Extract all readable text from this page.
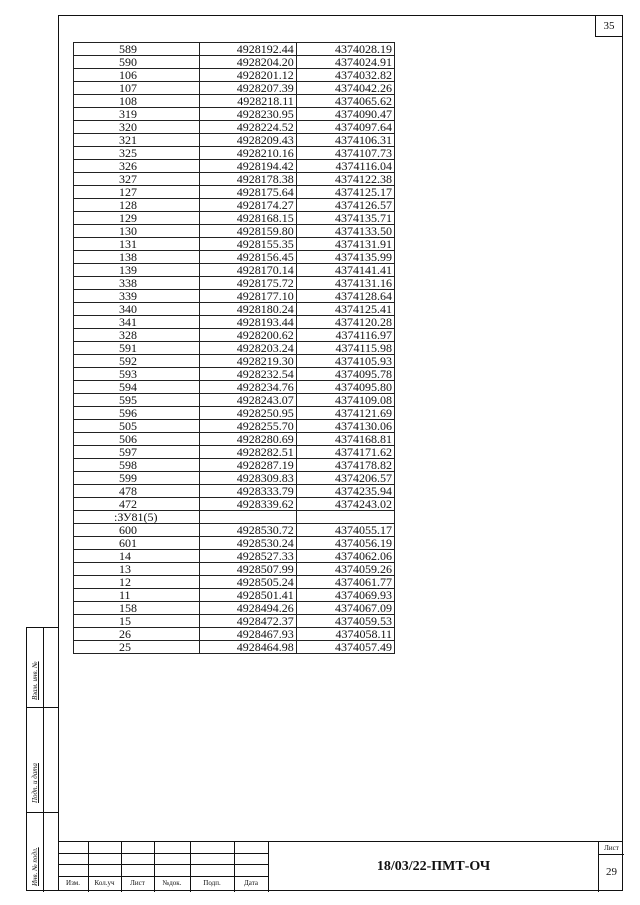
35
589	4928192.44	4374028.19
590	4928204.20	4374024.91
106	4928201.12	4374032.82
107	4928207.39	4374042.26
108	4928218.11	4374065.62
319	4928230.95	4374090.47
320	4928224.52	4374097.64
321	4928209.43	4374106.31
325	4928210.16	4374107.73
326	4928194.42	4374116.04
327	4928178.38	4374122.38
127	4928175.64	4374125.17
128	4928174.27	4374126.57
129	4928168.15	4374135.71
130	4928159.80	4374133.50
131	4928155.35	4374131.91
138	4928156.45	4374135.99
139	4928170.14	4374141.41
338	4928175.72	4374131.16
339	4928177.10	4374128.64
340	4928180.24	4374125.41
341	4928193.44	4374120.28
328	4928200.62	4374116.97
591	4928203.24	4374115.98
592	4928219.30	4374105.93
593	4928232.54	4374095.78
594	4928234.76	4374095.80
595	4928243.07	4374109.08
596	4928250.95	4374121.69
505	4928255.70	4374130.06
506	4928280.69	4374168.81
597	4928282.51	4374171.62
598	4928287.19	4374178.82
599	4928309.83	4374206.57
478	4928333.79	4374235.94
472	4928339.62	4374243.02
:ЗУ81(5)		
600	4928530.72	4374055.17
601	4928530.24	4374056.19
14	4928527.33	4374062.06
13	4928507.99	4374059.26
12	4928505.24	4374061.77
11	4928501.41	4374069.93
158	4928494.26	4374067.09
15	4928472.37	4374059.53
26	4928467.93	4374058.11
25	4928464.98	4374057.49
Взам. инв. №
Подп. и дата
Инв. № подл.	Изм.	Кол.уч	Лист	№док.	Подп.	Дата
18/03/22-ПМТ-ОЧ
Лист
29
